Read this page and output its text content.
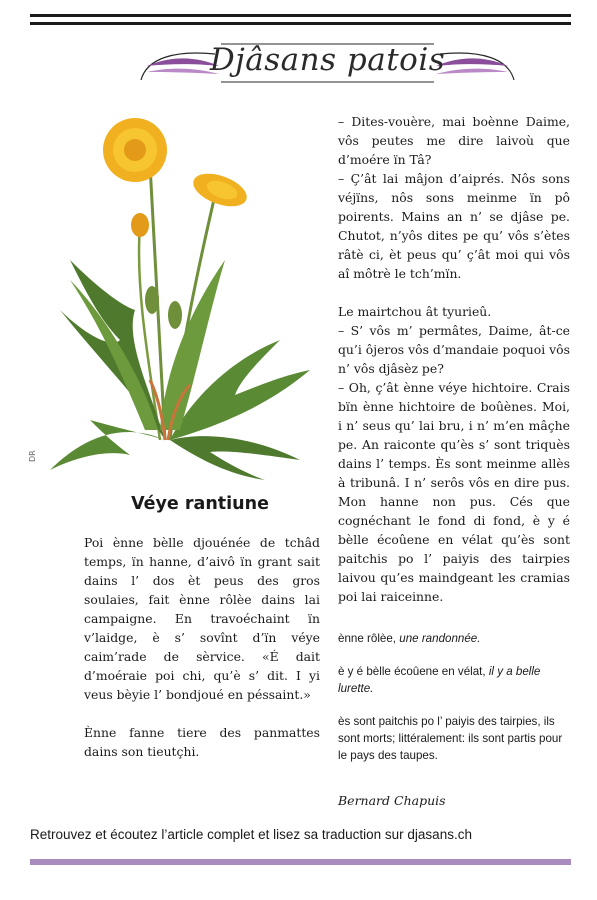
Djâsans patois
DR
Véye rantiune

Poi ènne bèlle djouénée de tchâd temps, ïn hanne, d’aivô ïn grant sait dains l’ dos èt peus des gros soulaies, fait ènne rôlèe dains lai campaigne. En travoéchaint ïn v’laidge, è s’ sovînt d’ïn véye caim’rade de sèrvice. «É dait d’moéraie poi chi, qu’è s’ dit. I yi veus bèyie l’ bondjoué en péssaint.»

Ènne fanne tiere des panmattes dains son tieutçhi.

– Dites-vouère, mai boènne Daime, vôs peutes me dire laivoù que d’moére ïn Tâ?

– Ç’ât lai mâjon d’aiprés. Nôs sons véjïns, nôs sons meinme ïn pô poirents. Mains an n’ se djâse pe. Chutot, n’yôs dites pe qu’ vôs s’ètes râtè ci, èt peus qu’ ç’ât moi qui vôs aî môtrè le tch’mïn.

Le mairtchou ât tyurieû.

– S’ vôs m’ permâtes, Daime, ât-ce qu’i ôjeros vôs d’mandaie poquoi vôs n’ vôs djâsèz pe?

– Oh, ç’ât ènne véye hichtoire. Crais bïn ènne hichtoire de boûènes. Moi, i n’ seus qu’ lai bru, i n’ m’en mâçhe pe. An raiconte qu’ès s’ sont triquès dains l’ temps. Ès sont meinme allès à tribunâ. I n’ serôs vôs en dire pus. Mon hanne non pus. Cés que cognéchant le fond di fond, è y é bèlle écoûene en vélat qu’ès sont paitchis po l’ paiyis des tairpies laivou qu’es maindgeant les cramias poi lai raiceinne.

ènne rôlèe, une randonnée.

è y é bèlle écoûene en vélat, il y a belle lurette.

ès sont paitchis po l’ paiyis des tairpies, ils sont morts; littéralement: ils sont partis pour le pays des taupes.

Bernard Chapuis
Retrouvez et écoutez l’article complet et lisez sa traduction sur djasans.ch
